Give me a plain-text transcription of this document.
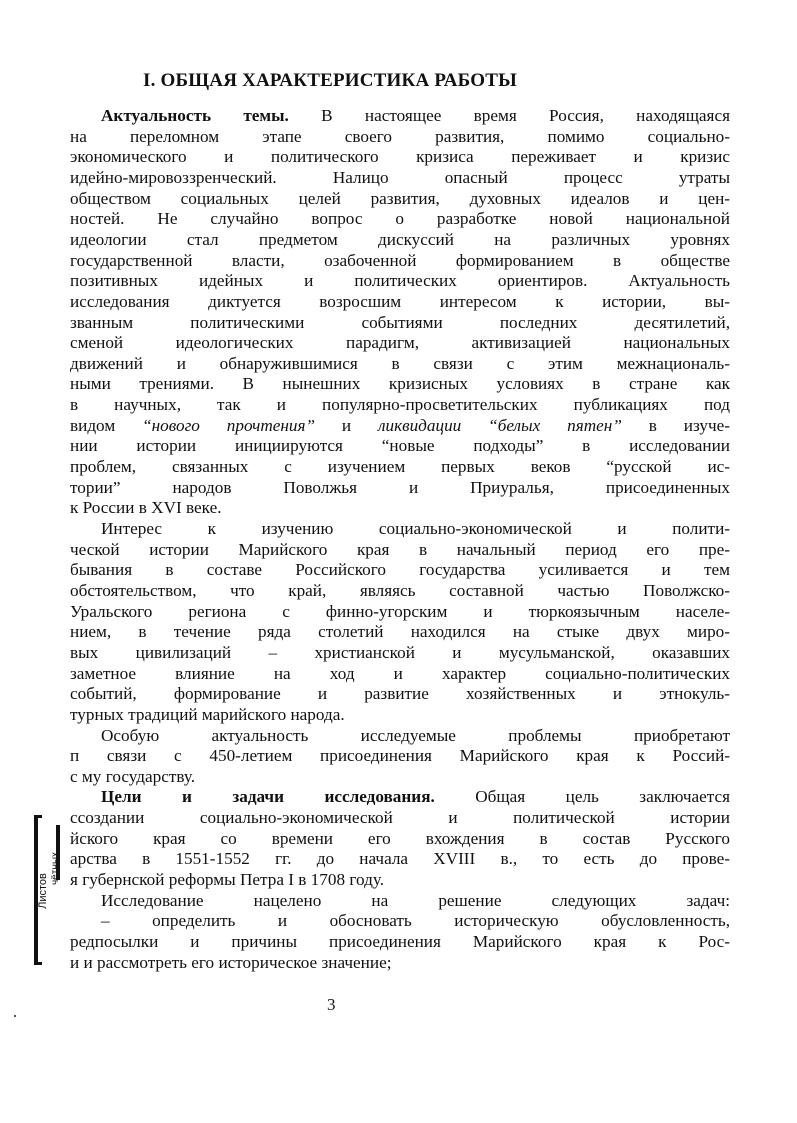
I. ОБЩАЯ ХАРАКТЕРИСТИКА РАБОТЫ
Актуальность темы. В настоящее время Россия, находящаяся
на переломном этапе своего развития, помимо социально-
экономического и политического кризиса переживает и кризис
идейно-мировоззренческий. Налицо опасный процесс утраты
обществом социальных целей развития, духовных идеалов и цен-
ностей. Не случайно вопрос о разработке новой национальной
идеологии стал предметом дискуссий на различных уровнях
государственной власти, озабоченной формированием в обществе
позитивных идейных и политических ориентиров. Актуальность
исследования диктуется возросшим интересом к истории, вы-
званным политическими событиями последних десятилетий,
сменой идеологических парадигм, активизацией национальных
движений и обнаружившимися в связи с этим межнациональ-
ными трениями. В нынешних кризисных условиях в стране как
в научных, так и популярно-просветительских публикациях под
видом “нового прочтения” и ликвидации “белых пятен” в изуче-
нии истории инициируются “новые подходы” в исследовании
проблем, связанных с изучением первых веков “русской ис-
тории” народов Поволжья и Приуралья, присоединенных
к России в XVI веке.
Интерес к изучению социально-экономической и полити-
ческой истории Марийского края в начальный период его пре-
бывания в составе Российского государства усиливается и тем
обстоятельством, что край, являясь составной частью Поволжско-
Уральского региона с финно-угорским и тюркоязычным населе-
нием, в течение ряда столетий находился на стыке двух миро-
вых цивилизаций – христианской и мусульманской, оказавших
заметное влияние на ход и характер социально-политических
событий, формирование и развитие хозяйственных и этнокуль-
турных традиций марийского народа.
Особую актуальность исследуемые проблемы приобретают
п связи с 450-летием присоединения Марийского края к Россий-
с му государству.
Цели и задачи исследования. Общая цель заключается
ссоздании социально-экономической и политической истории
йского края со времени его вхождения в состав Русского
арства в 1551-1552 гг. до начала XVIII в., то есть до прове-
я губернской реформы Петра I в 1708 году.
Исследование нацелено на решение следующих задач:
– определить и обосновать историческую обусловленность,
редпосылки и причины присоединения Марийского края к Рос-
и и рассмотреть его историческое значение;
3
Листов
чётных
